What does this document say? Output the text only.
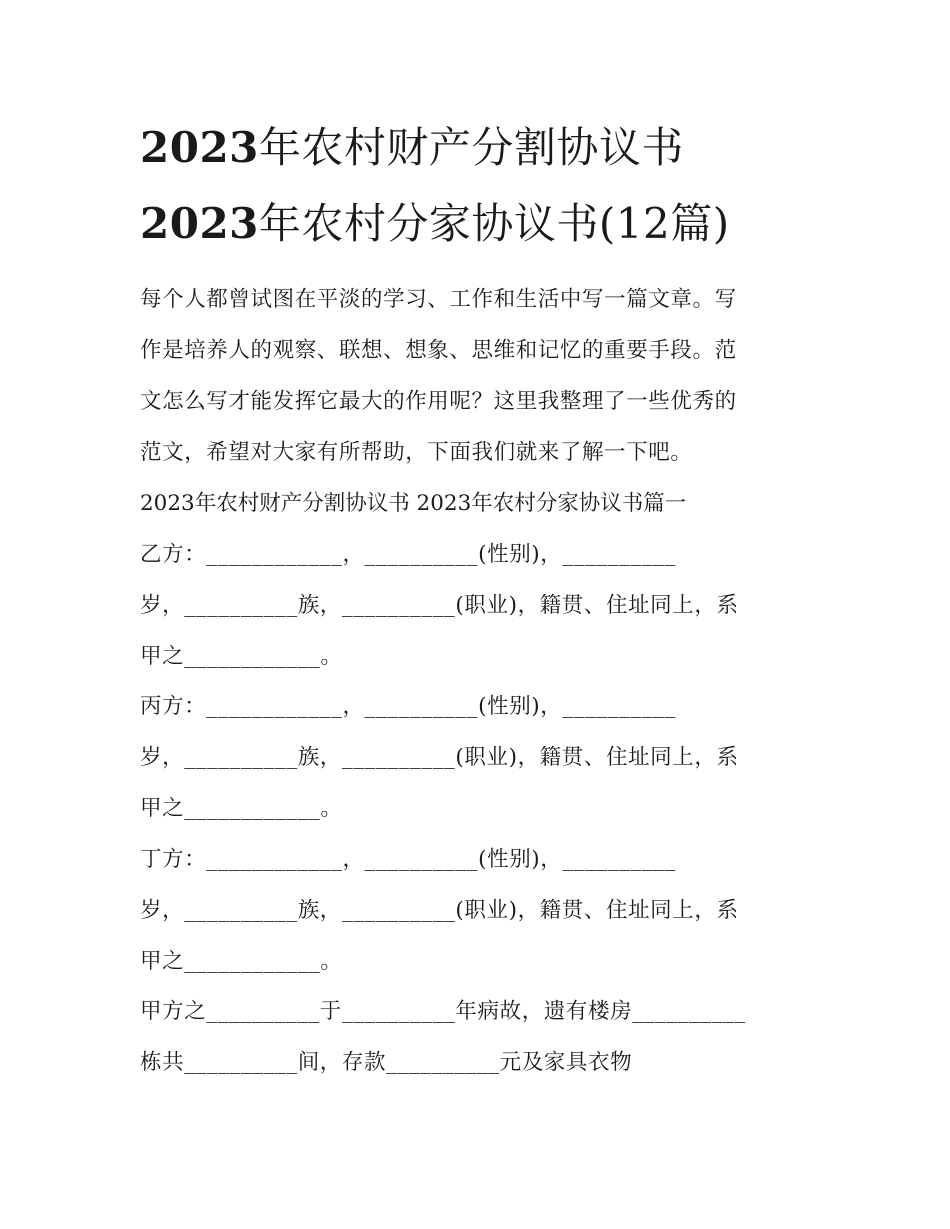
2023年农村财产分割协议书
2023年农村分家协议书(12篇)

每个人都曾试图在平淡的学习、工作和生活中写一篇文章。写

作是培养人的观察、联想、想象、思维和记忆的重要手段。范

文怎么写才能发挥它最大的作用呢？这里我整理了一些优秀的

范文，希望对大家有所帮助，下面我们就来了解一下吧。

2023年农村财产分割协议书 2023年农村分家协议书篇一

乙方：____________，__________(性别)，__________

岁，__________族，__________(职业)，籍贯、住址同上，系

甲之____________。

丙方：____________，__________(性别)，__________

岁，__________族，__________(职业)，籍贯、住址同上，系

甲之____________。

丁方：____________，__________(性别)，__________

岁，__________族，__________(职业)，籍贯、住址同上，系

甲之____________。

甲方之__________于__________年病故，遗有楼房__________

栋共__________间，存款__________元及家具衣物
